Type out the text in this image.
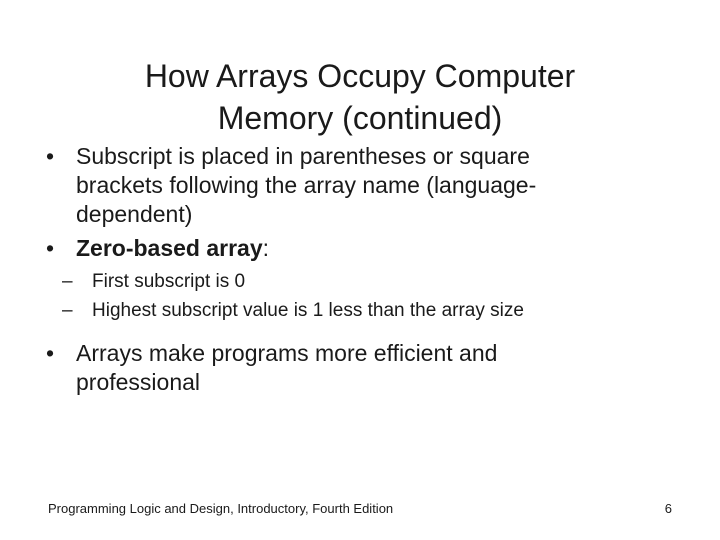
How Arrays Occupy Computer
Memory (continued)
• Subscript is placed in parentheses or square
brackets following the array name (language-
dependent)
• Zero-based array:
– First subscript is 0
– Highest subscript value is 1 less than the array size
• Arrays make programs more efficient and
professional
Programming Logic and Design, Introductory, Fourth Edition	6
